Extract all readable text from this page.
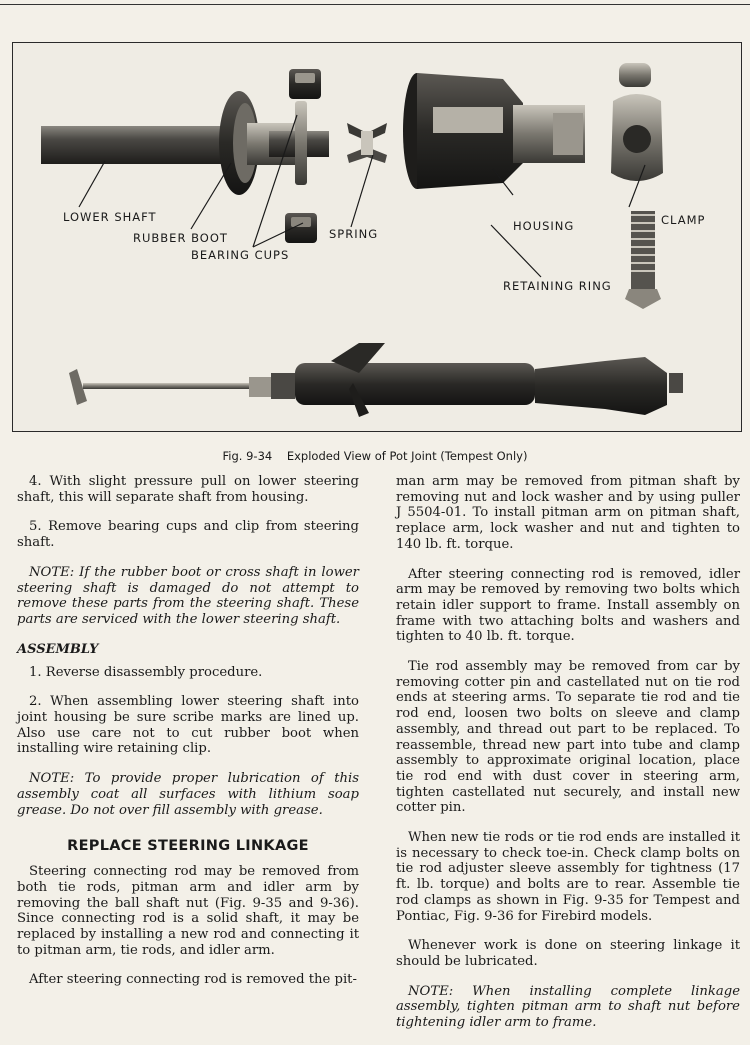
LOWER SHAFT
RUBBER BOOT
BEARING CUPS
SPRING
HOUSING	CLAMP
RETAINING RING
Fig. 9-34    Exploded View of Pot Joint (Tempest Only)

4. With slight pressure pull on lower steering shaft, this will separate shaft from housing.

5. Remove bearing cups and clip from steering shaft.

NOTE: If the rubber boot or cross shaft in lower steering shaft is damaged do not attempt to remove these parts from the steering shaft. These parts are serviced with the lower steering shaft.

ASSEMBLY

1. Reverse disassembly procedure.

2. When assembling lower steering shaft into joint housing be sure scribe marks are lined up. Also use care not to cut rubber boot when installing wire retaining clip.

NOTE: To provide proper lubrication of this assembly coat all surfaces with lithium soap grease. Do not over fill assembly with grease.

REPLACE STEERING LINKAGE

Steering connecting rod may be removed from both tie rods, pitman arm and idler arm by removing the ball shaft nut (Fig. 9-35 and 9-36). Since connecting rod is a solid shaft, it may be replaced by installing a new rod and connecting it to pitman arm, tie rods, and idler arm.

After steering connecting rod is removed the pit-

man arm may be removed from pitman shaft by removing nut and lock washer and by using puller J 5504-01. To install pitman arm on pitman shaft, replace arm, lock washer and nut and tighten to 140 lb. ft. torque.

After steering connecting rod is removed, idler arm may be removed by removing two bolts which retain idler support to frame. Install assembly on frame with two attaching bolts and washers and tighten to 40 lb. ft. torque.

Tie rod assembly may be removed from car by removing cotter pin and castellated nut on tie rod ends at steering arms. To separate tie rod and tie rod end, loosen two bolts on sleeve and clamp assembly, and thread out part to be replaced. To reassemble, thread new part into tube and clamp assembly to approximate original location, place tie rod end with dust cover in steering arm, tighten castellated nut securely, and install new cotter pin.

When new tie rods or tie rod ends are installed it is necessary to check toe-in. Check clamp bolts on tie rod adjuster sleeve assembly for tightness (17 ft. lb. torque) and bolts are to rear. Assemble tie rod clamps as shown in Fig. 9-35 for Tempest and Pontiac, Fig. 9-36 for Firebird models.

Whenever work is done on steering linkage it should be lubricated.

NOTE: When installing complete linkage assembly, tighten pitman arm to shaft nut before tightening idler arm to frame.
